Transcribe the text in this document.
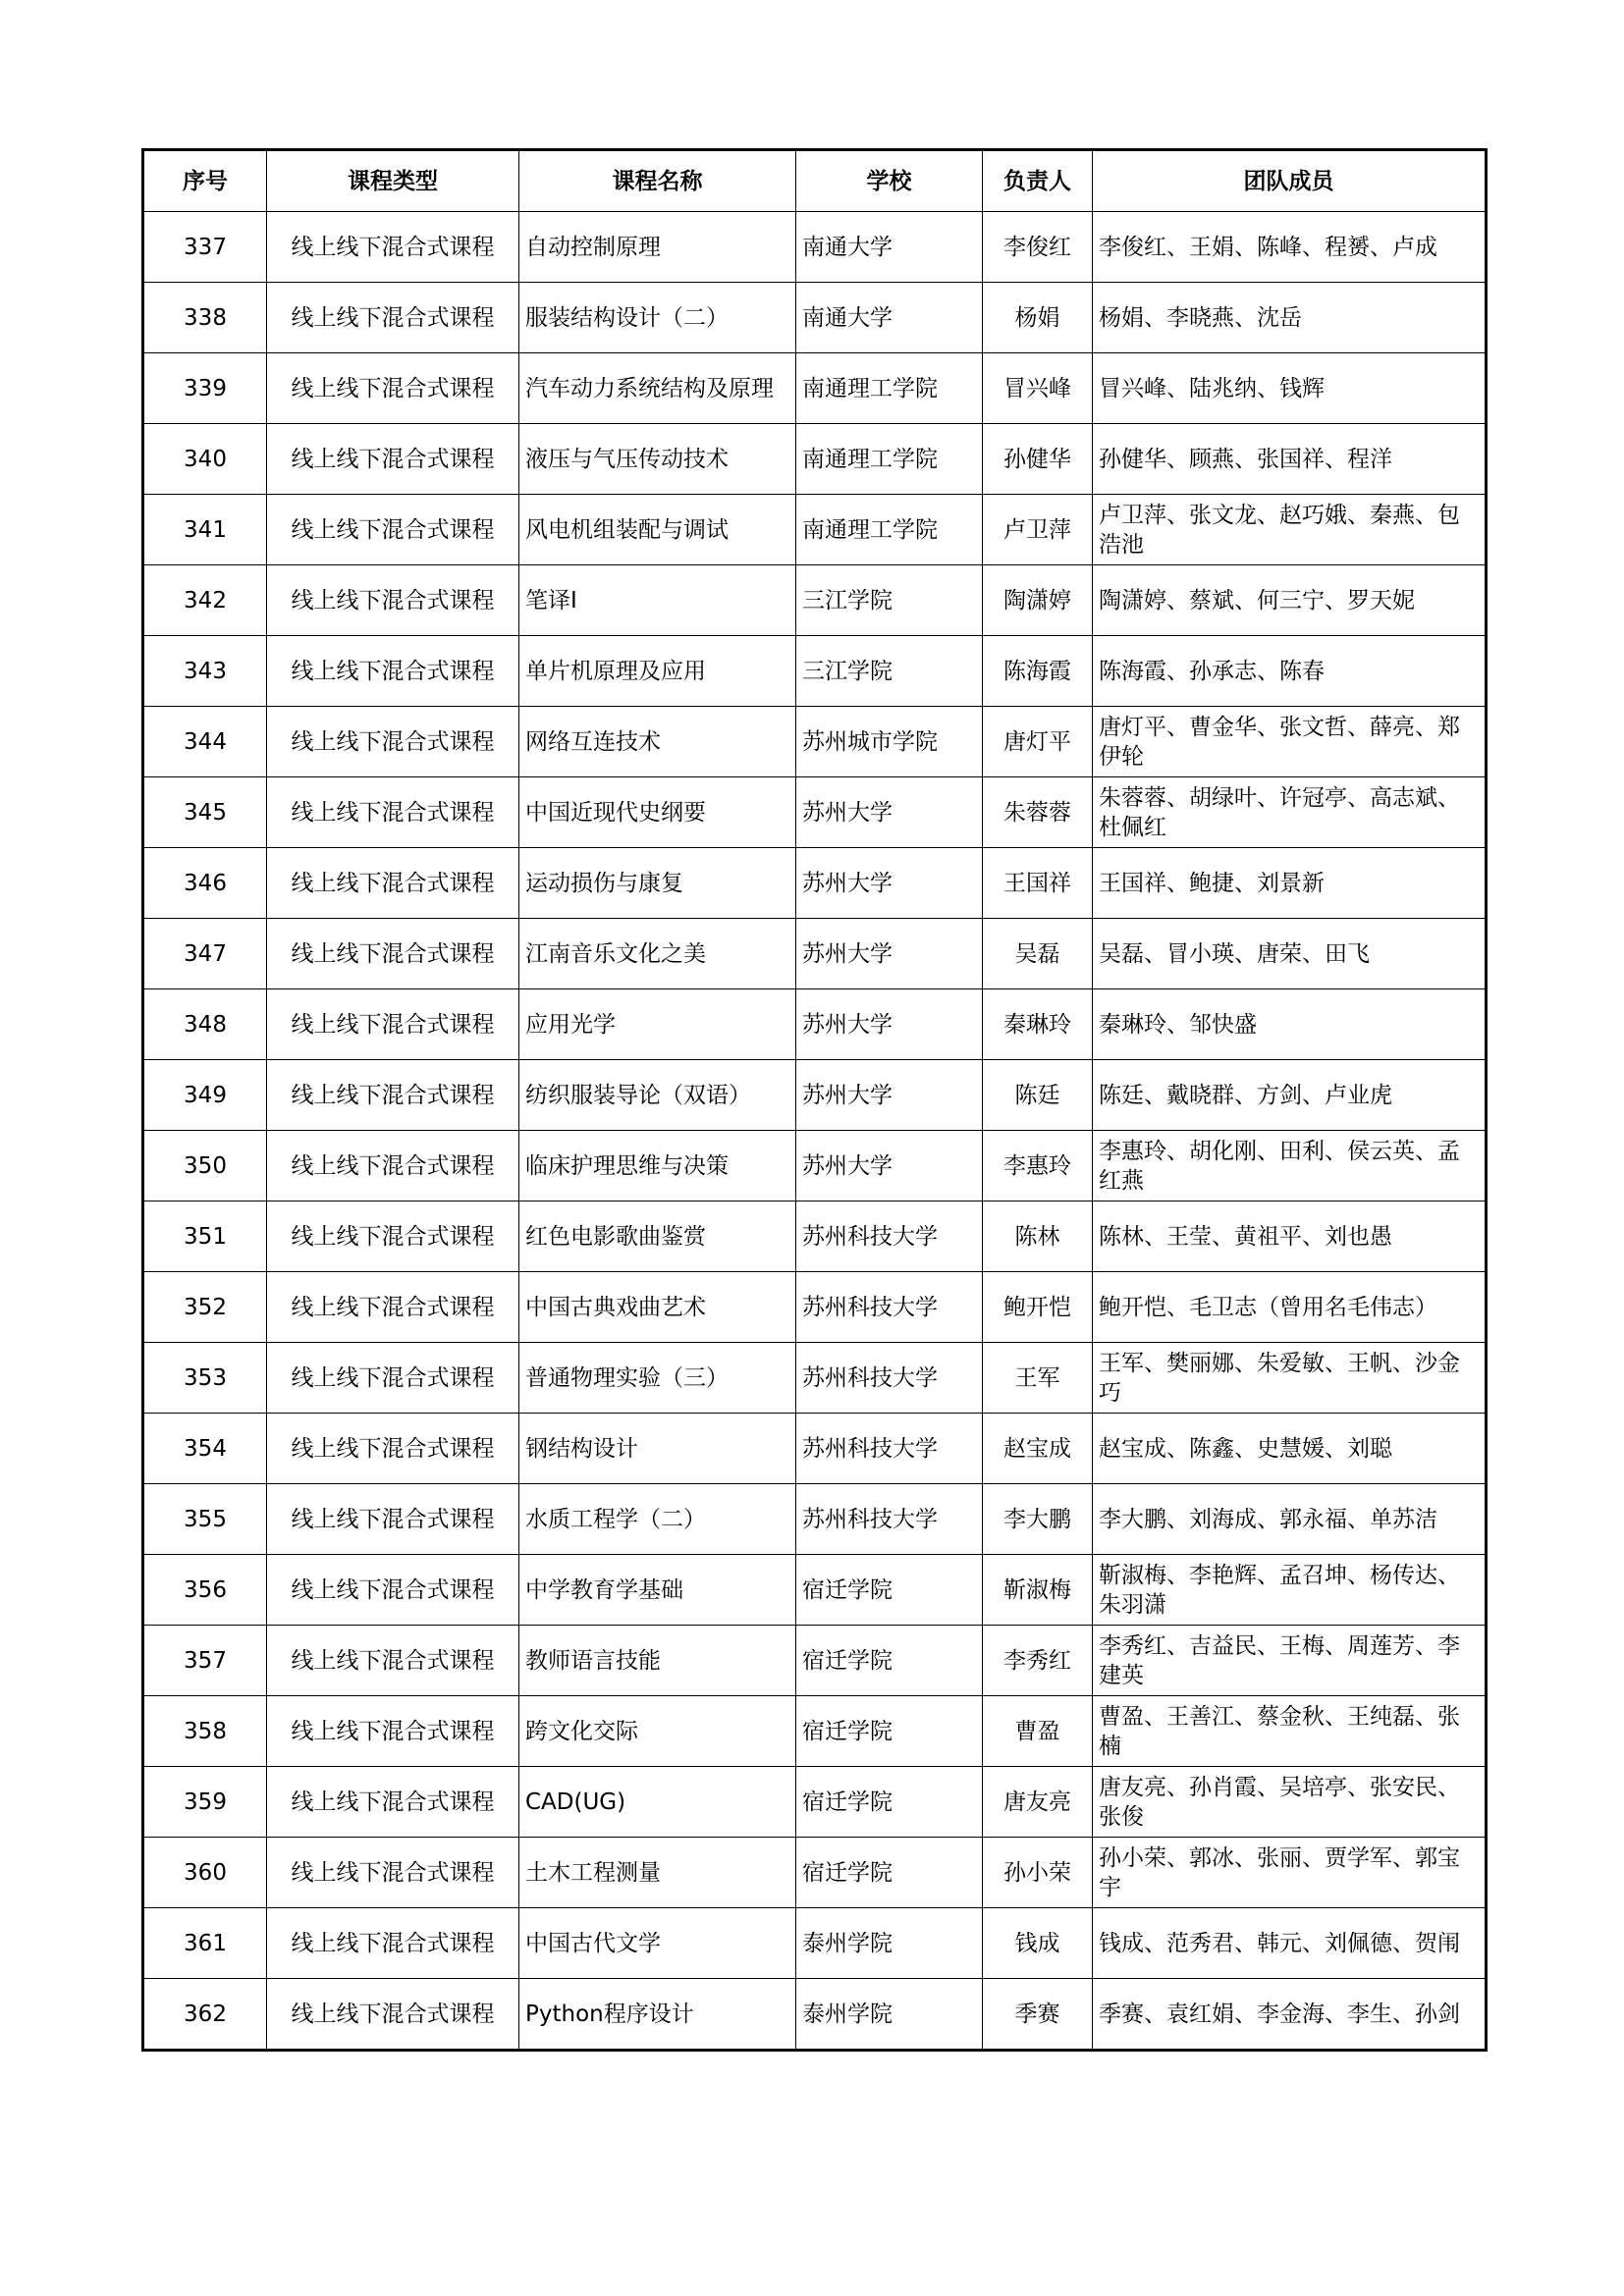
序号	课程类型	课程名称	学校	负责人	团队成员
337	线上线下混合式课程	自动控制原理	南通大学	李俊红	李俊红、王娟、陈峰、程赟、卢成
338	线上线下混合式课程	服装结构设计（二）	南通大学	杨娟	杨娟、李晓燕、沈岳
339	线上线下混合式课程	汽车动力系统结构及原理	南通理工学院	冒兴峰	冒兴峰、陆兆纳、钱辉
340	线上线下混合式课程	液压与气压传动技术	南通理工学院	孙健华	孙健华、顾燕、张国祥、程洋
341	线上线下混合式课程	风电机组装配与调试	南通理工学院	卢卫萍	卢卫萍、张文龙、赵巧娥、秦燕、包浩池
342	线上线下混合式课程	笔译Ⅰ	三江学院	陶潇婷	陶潇婷、蔡斌、何三宁、罗天妮
343	线上线下混合式课程	单片机原理及应用	三江学院	陈海霞	陈海霞、孙承志、陈春
344	线上线下混合式课程	网络互连技术	苏州城市学院	唐灯平	唐灯平、曹金华、张文哲、薛亮、郑伊轮
345	线上线下混合式课程	中国近现代史纲要	苏州大学	朱蓉蓉	朱蓉蓉、胡绿叶、许冠亭、高志斌、杜佩红
346	线上线下混合式课程	运动损伤与康复	苏州大学	王国祥	王国祥、鲍捷、刘景新
347	线上线下混合式课程	江南音乐文化之美	苏州大学	吴磊	吴磊、冒小瑛、唐荣、田飞
348	线上线下混合式课程	应用光学	苏州大学	秦琳玲	秦琳玲、邹快盛
349	线上线下混合式课程	纺织服装导论（双语）	苏州大学	陈廷	陈廷、戴晓群、方剑、卢业虎
350	线上线下混合式课程	临床护理思维与决策	苏州大学	李惠玲	李惠玲、胡化刚、田利、侯云英、孟红燕
351	线上线下混合式课程	红色电影歌曲鉴赏	苏州科技大学	陈林	陈林、王莹、黄祖平、刘也愚
352	线上线下混合式课程	中国古典戏曲艺术	苏州科技大学	鲍开恺	鲍开恺、毛卫志（曾用名毛伟志）
353	线上线下混合式课程	普通物理实验（三）	苏州科技大学	王军	王军、樊丽娜、朱爱敏、王帆、沙金巧
354	线上线下混合式课程	钢结构设计	苏州科技大学	赵宝成	赵宝成、陈鑫、史慧媛、刘聪
355	线上线下混合式课程	水质工程学（二）	苏州科技大学	李大鹏	李大鹏、刘海成、郭永福、单苏洁
356	线上线下混合式课程	中学教育学基础	宿迁学院	靳淑梅	靳淑梅、李艳辉、孟召坤、杨传达、朱羽潇
357	线上线下混合式课程	教师语言技能	宿迁学院	李秀红	李秀红、吉益民、王梅、周莲芳、李建英
358	线上线下混合式课程	跨文化交际	宿迁学院	曹盈	曹盈、王善江、蔡金秋、王纯磊、张楠
359	线上线下混合式课程	CAD(UG)	宿迁学院	唐友亮	唐友亮、孙肖霞、吴培亭、张安民、张俊
360	线上线下混合式课程	土木工程测量	宿迁学院	孙小荣	孙小荣、郭冰、张丽、贾学军、郭宝宇
361	线上线下混合式课程	中国古代文学	泰州学院	钱成	钱成、范秀君、韩元、刘佩德、贺闱
362	线上线下混合式课程	Python程序设计	泰州学院	季赛	季赛、袁红娟、李金海、李生、孙剑
